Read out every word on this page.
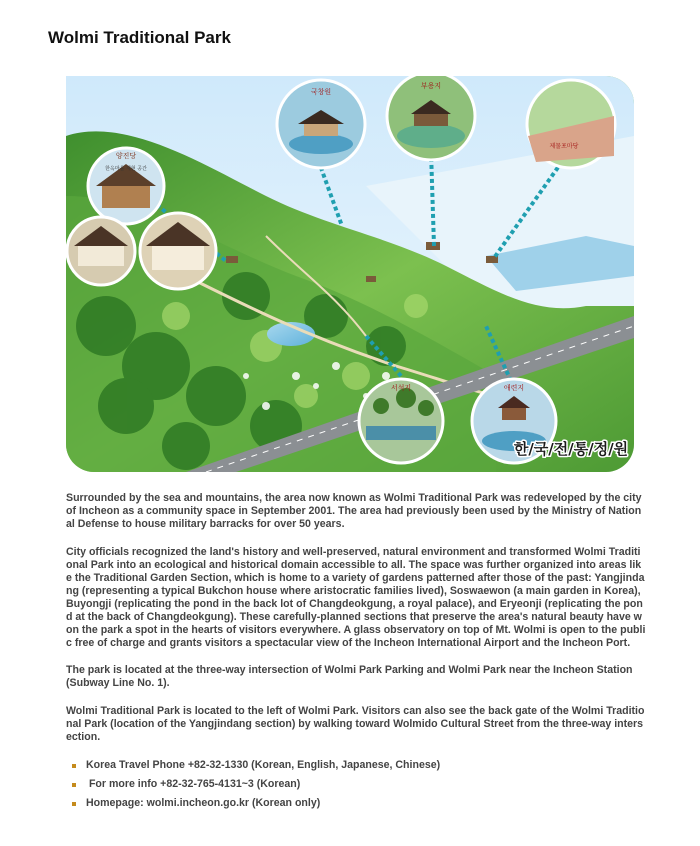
Wolmi Traditional Park
양진당
한옥마을 재현 공간
국창원
부용지
제물포마당
서석지	애련지
한/국/전/통/정/원

Surrounded by the sea and mountains, the area now known as Wolmi Traditional Park was redeveloped by the city of Incheon as a community space in September 2001. The area had previously been used by the Ministry of National Defense to house military barracks for over 50 years.

City officials recognized the land's history and well-preserved, natural environment and transformed Wolmi Traditional Park into an ecological and historical domain accessible to all. The space was further organized into areas like the Traditional Garden Section, which is home to a variety of gardens patterned after those of the past: Yangjindang (representing a typical Bukchon house where aristocratic families lived), Soswaewon (a main garden in Korea), Buyongji (replicating the pond in the back lot of Changdeokgung, a royal palace), and Eryeonji (replicating the pond at the back of Changdeokgung). These carefully-planned sections that preserve the area's natural beauty have won the park a spot in the hearts of visitors everywhere. A glass observatory on top of Mt. Wolmi is open to the public free of charge and grants visitors a spectacular view of the Incheon International Airport and the Incheon Port.

The park is located at the three-way intersection of Wolmi Park Parking and Wolmi Park near the Incheon Station (Subway Line No. 1).

Wolmi Traditional Park is located to the left of Wolmi Park. Visitors can also see the back gate of the Wolmi Traditional Park (location of the Yangjindang section) by walking toward Wolmido Cultural Street from the three-way intersection.

Korea Travel Phone +82-32-1330 (Korean, English, Japanese, Chinese)
For more info +82-32-765-4131~3 (Korean)
Homepage: wolmi.incheon.go.kr (Korean only)
